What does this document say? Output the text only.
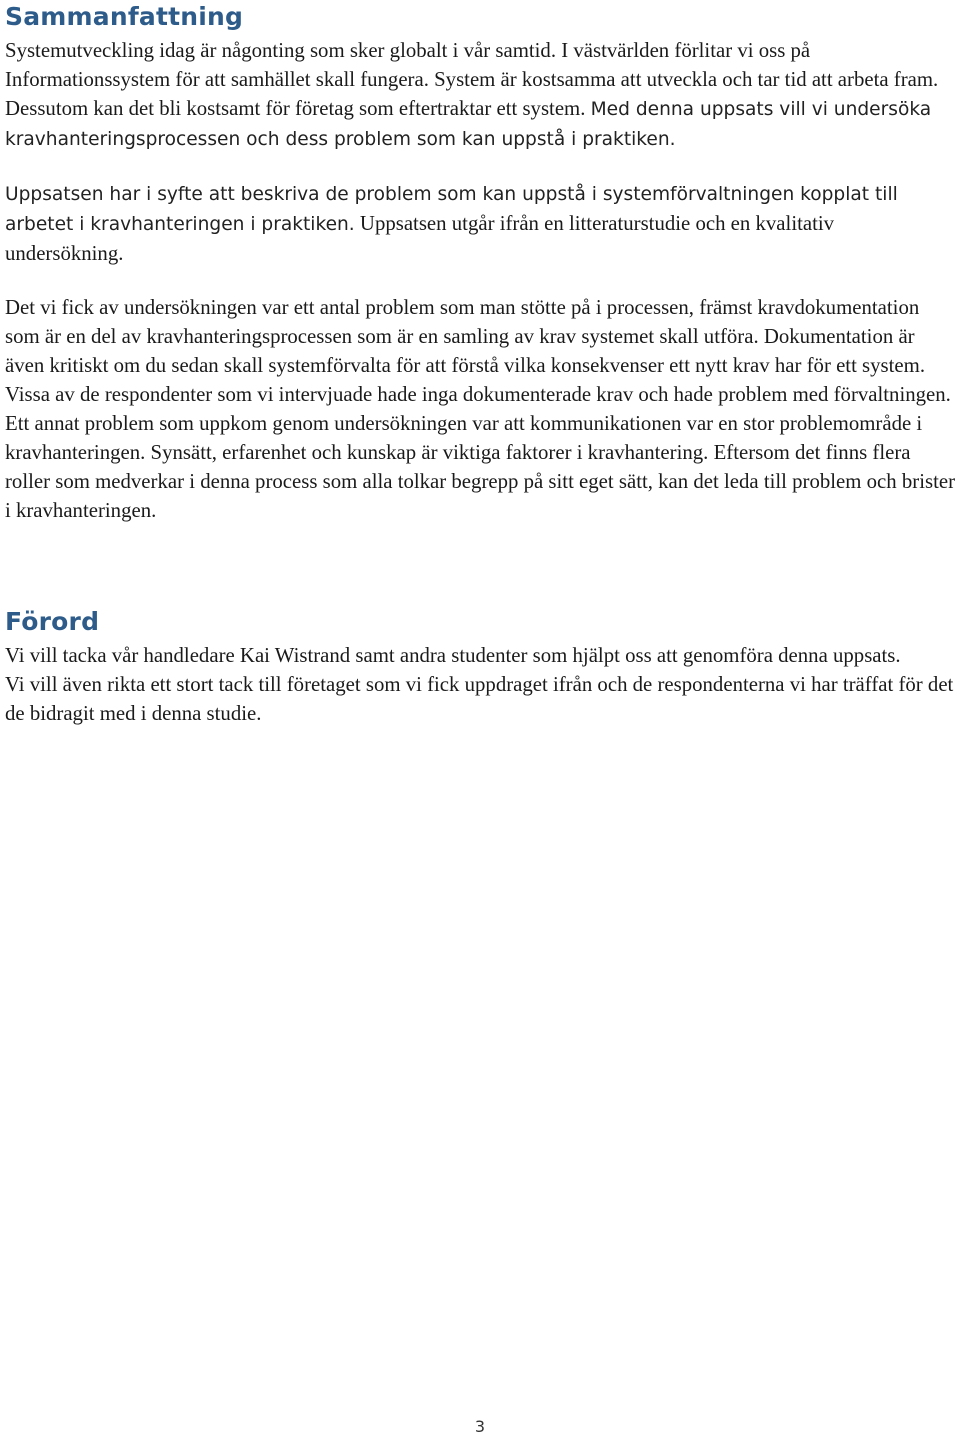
Sammanfattning

Systemutveckling idag är någonting som sker globalt i vår samtid. I västvärlden förlitar vi oss på Informationssystem för att samhället skall fungera. System är kostsamma att utveckla och tar tid att arbeta fram. Dessutom kan det bli kostsamt för företag som eftertraktar ett system. Med denna uppsats vill vi undersöka kravhanteringsprocessen och dess problem som kan uppstå i praktiken.

Uppsatsen har i syfte att beskriva de problem som kan uppstå i systemförvaltningen kopplat till arbetet i kravhanteringen i praktiken. Uppsatsen utgår ifrån en litteraturstudie och en kvalitativ undersökning.

Det vi fick av undersökningen var ett antal problem som man stötte på i processen, främst kravdokumentation som är en del av kravhanteringsprocessen som är en samling av krav systemet skall utföra. Dokumentation är även kritiskt om du sedan skall systemförvalta för att förstå vilka konsekvenser ett nytt krav har för ett system. Vissa av de respondenter som vi intervjuade hade inga dokumenterade krav och hade problem med förvaltningen. Ett annat problem som uppkom genom undersökningen var att kommunikationen var en stor problemområde i kravhanteringen. Synsätt, erfarenhet och kunskap är viktiga faktorer i kravhantering. Eftersom det finns flera roller som medverkar i denna process som alla tolkar begrepp på sitt eget sätt, kan det leda till problem och brister i kravhanteringen.

Förord

Vi vill tacka vår handledare Kai Wistrand samt andra studenter som hjälpt oss att genomföra denna uppsats.

Vi vill även rikta ett stort tack till företaget som vi fick uppdraget ifrån och de respondenterna vi har träffat för det de bidragit med i denna studie.

3
